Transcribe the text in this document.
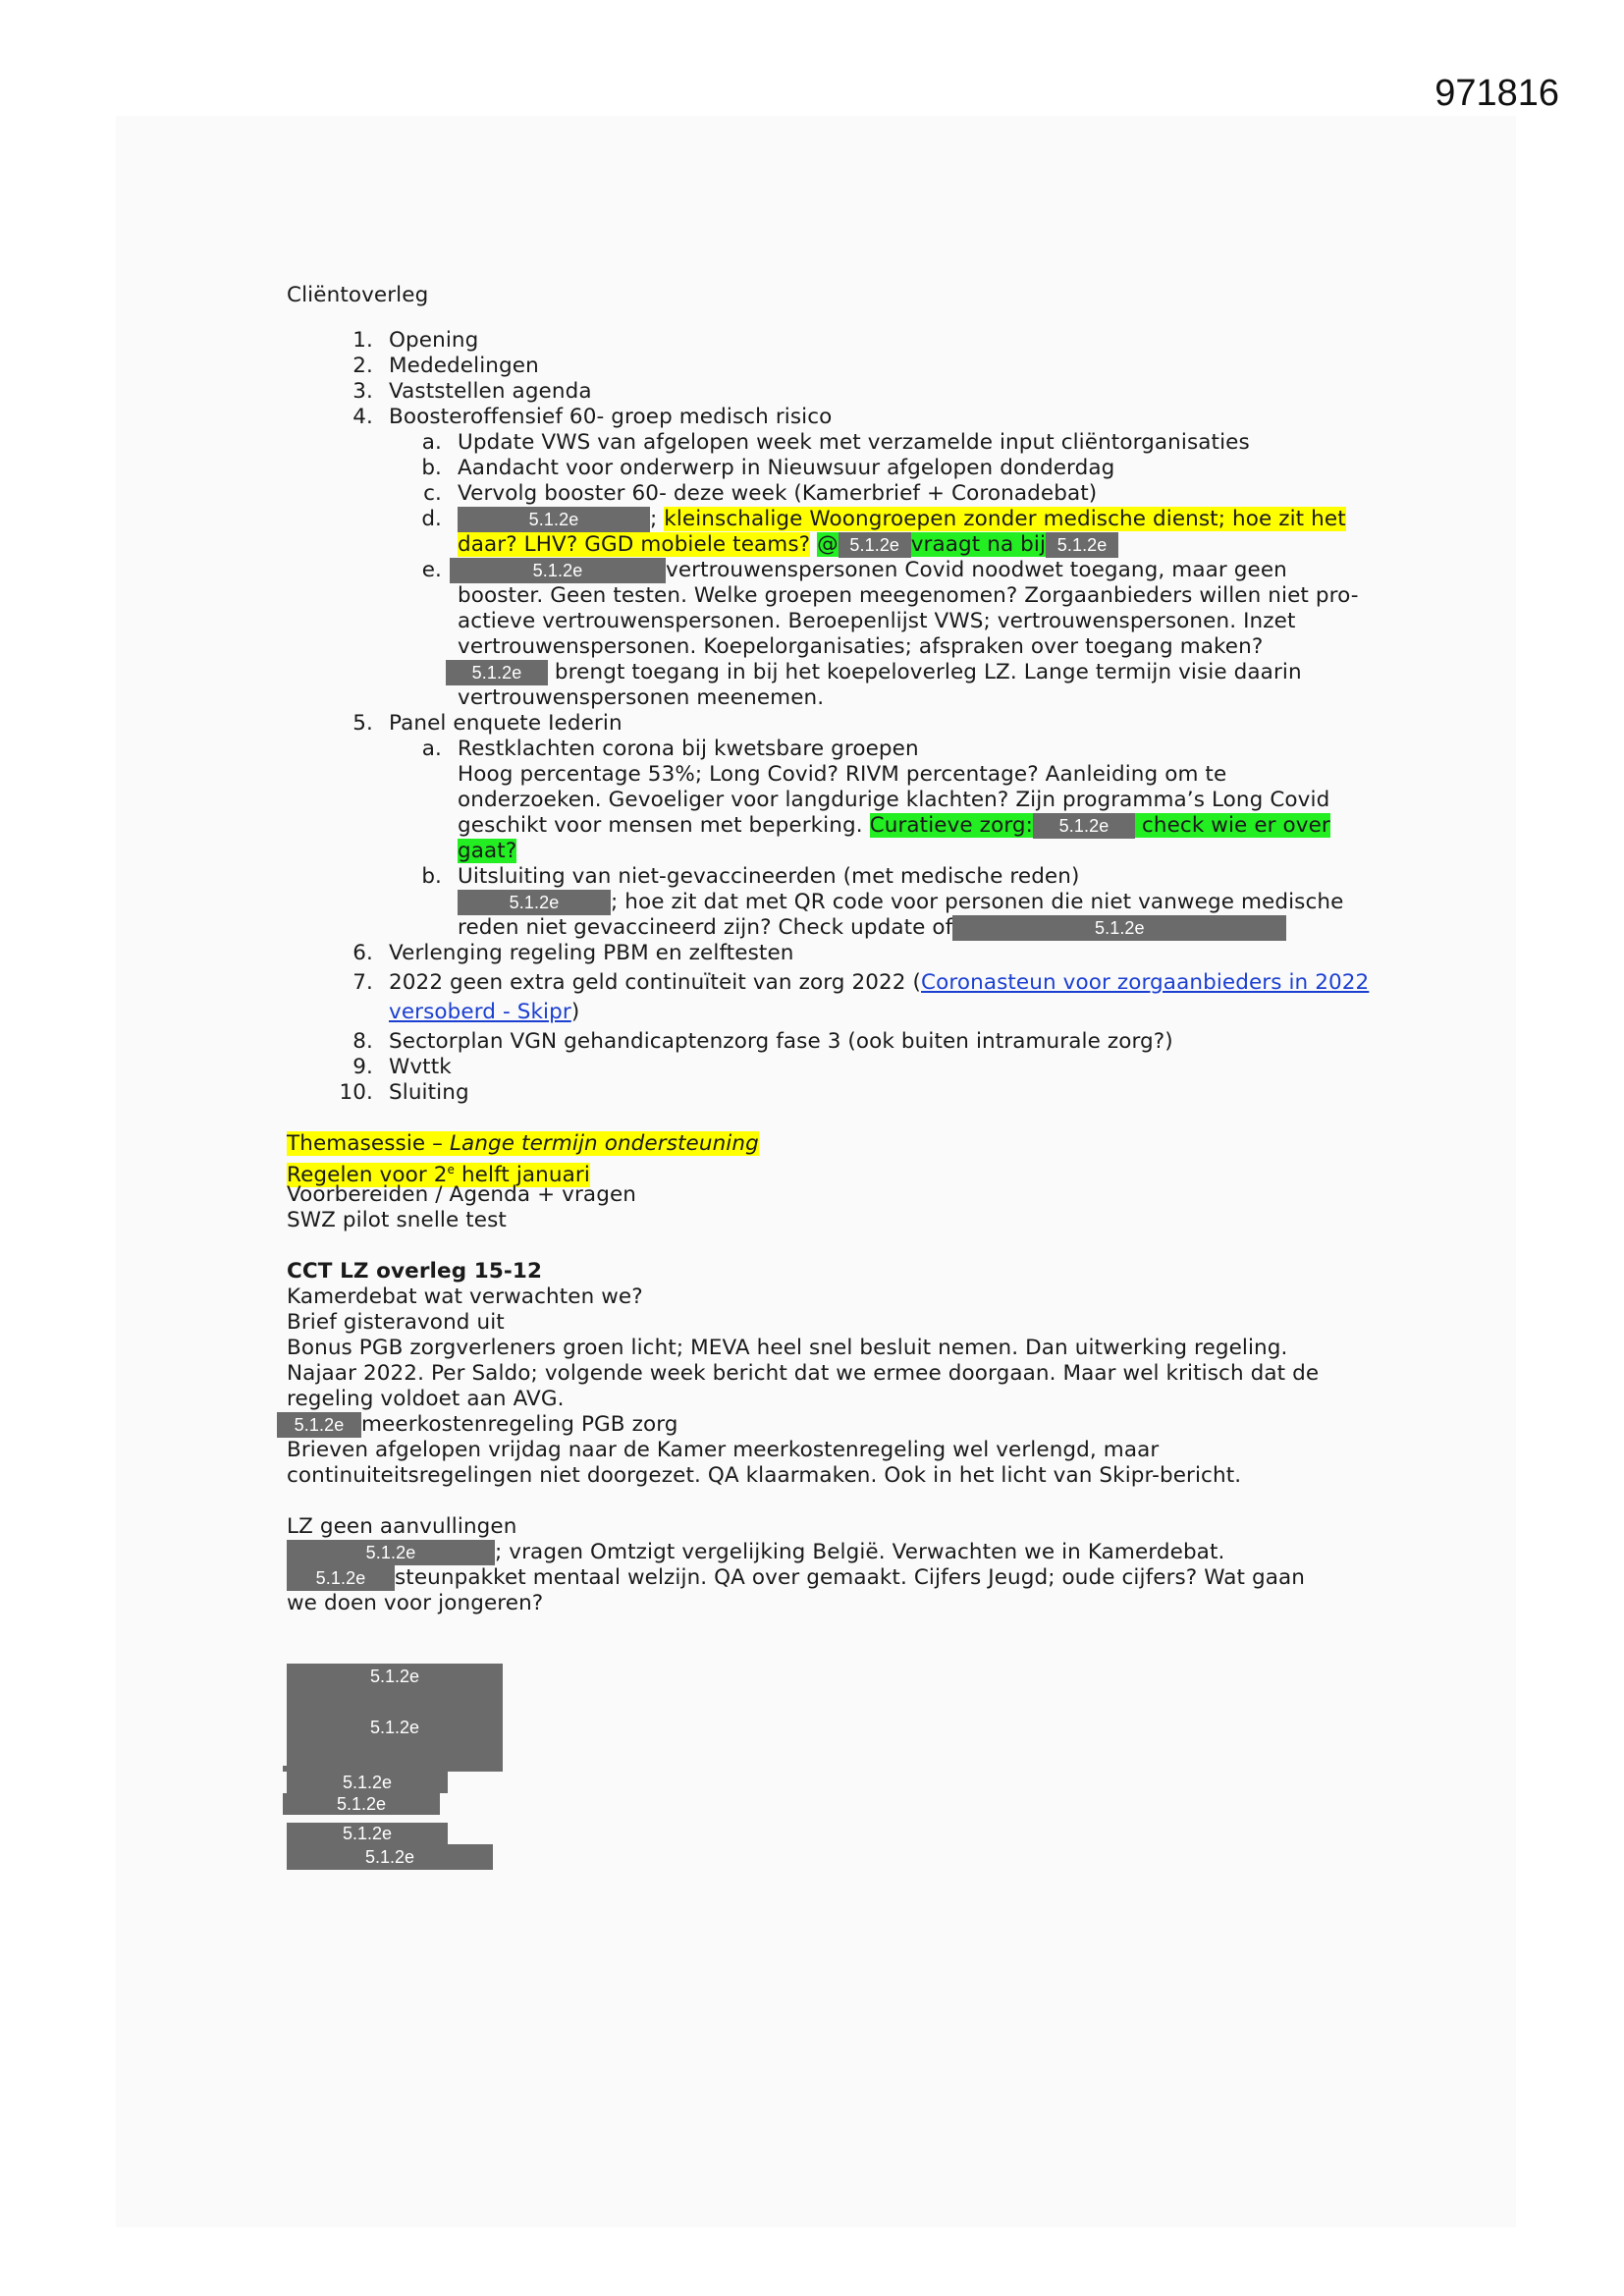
971816
Cliëntoverleg
1. Opening
2. Mededelingen
3. Vaststellen agenda
4. Boosteroffensief 60- groep medisch risico
a. Update VWS van afgelopen week met verzamelde input cliëntorganisaties
b. Aandacht voor onderwerp in Nieuwsuur afgelopen donderdag
c. Vervolg booster 60- deze week (Kamerbrief + Coronadebat)
d.	5.1.2e	; kleinschalige Woongroepen zonder medische dienst; hoe zit het
daar? LHV? GGD mobiele teams? @ 5.1.2e vraagt na bij 5.1.2e
e.	5.1.2e	vertrouwenspersonen Covid noodwet toegang, maar geen
booster. Geen testen. Welke groepen meegenomen? Zorgaanbieders willen niet pro-
actieve vertrouwenspersonen. Beroepenlijst VWS; vertrouwenspersonen. Inzet
vertrouwenspersonen. Koepelorganisaties; afspraken over toegang maken?
5.1.2e brengt toegang in bij het koepeloverleg LZ. Lange termijn visie daarin
vertrouwenspersonen meenemen.
5. Panel enquete Iederin
a. Restklachten corona bij kwetsbare groepen
Hoog percentage 53%; Long Covid? RIVM percentage? Aanleiding om te
onderzoeken. Gevoeliger voor langdurige klachten? Zijn programma’s Long Covid
geschikt voor mensen met beperking. Curatieve zorg: 5.1.2e check wie er over
gaat?
b. Uitsluiting van niet-gevaccineerden (met medische reden)
5.1.2e ; hoe zit dat met QR code voor personen die niet vanwege medische
reden niet gevaccineerd zijn? Check update of	5.1.2e
6. Verlenging regeling PBM en zelftesten
7. 2022 geen extra geld continuïteit van zorg 2022 (Coronasteun voor zorgaanbieders in 2022
versoberd - Skipr)
8. Sectorplan VGN gehandicaptenzorg fase 3 (ook buiten intramurale zorg?)
9. Wvttk
10. Sluiting
Themasessie – Lange termijn ondersteuning
Regelen voor 2e helft januari
Voorbereiden / Agenda + vragen
SWZ pilot snelle test
CCT LZ overleg 15-12
Kamerdebat wat verwachten we?
Brief gisteravond uit
Bonus PGB zorgverleners groen licht; MEVA heel snel besluit nemen. Dan uitwerking regeling.
Najaar 2022. Per Saldo; volgende week bericht dat we ermee doorgaan. Maar wel kritisch dat de
regeling voldoet aan AVG.
5.1.2e meerkostenregeling PGB zorg
Brieven afgelopen vrijdag naar de Kamer meerkostenregeling wel verlengd, maar
continuiteitsregelingen niet doorgezet. QA klaarmaken. Ook in het licht van Skipr-bericht.
LZ geen aanvullingen
5.1.2e	; vragen Omtzigt vergelijking België. Verwachten we in Kamerdebat.
5.1.2e steunpakket mentaal welzijn. QA over gemaakt. Cijfers Jeugd; oude cijfers? Wat gaan
we doen voor jongeren?
5.1.2e
5.1.2e
5.1.2e
5.1.2e
5.1.2e
5.1.2e
